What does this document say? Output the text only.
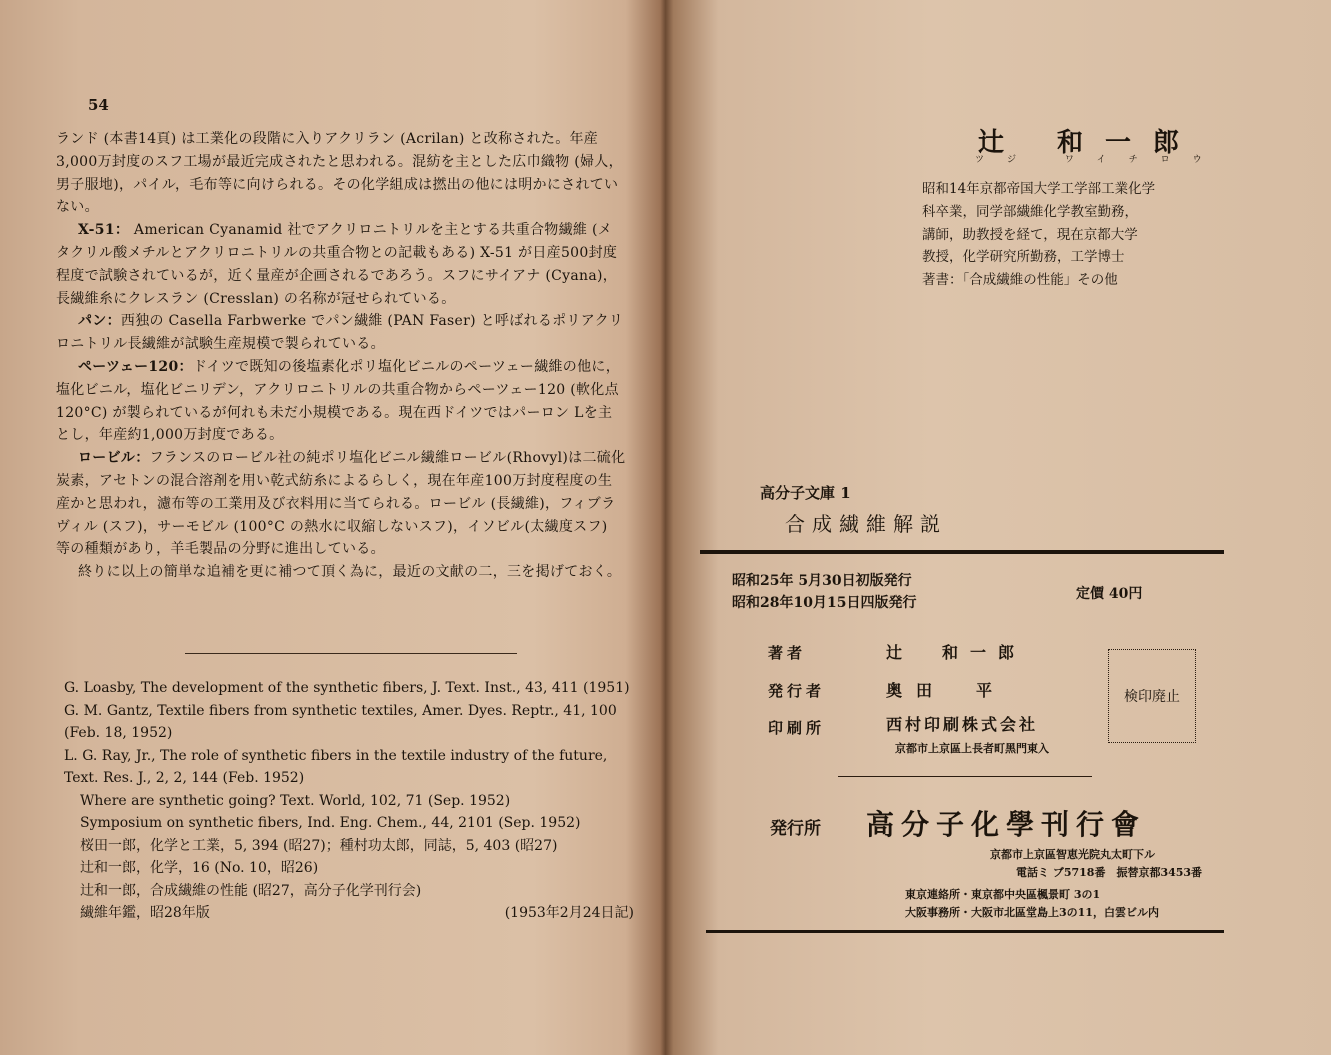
54

ランド (本書14頁) は工業化の段階に入りアクリラン (Acrilan) と改称された。年産3,000万封度のスフ工場が最近完成されたと思われる。混紡を主とした広巾織物 (婦人，男子服地)，パイル，毛布等に向けられる。その化学組成は撚出の他には明かにされていない。

X-51： American Cyanamid 社でアクリロニトリルを主とする共重合物繊維 (メタクリル酸メチルとアクリロニトリルの共重合物との記載もある) X-51 が日産500封度程度で試験されているが，近く量産が企画されるであろう。スフにサイアナ (Cyana)，長繊維糸にクレスラン (Cresslan) の名称が冠せられている。

パン：西独の Casella Farbwerke でパン繊維 (PAN Faser) と呼ばれるポリアクリロニトリル長繊維が試験生産規模で製られている。

ペーツェー120：ドイツで既知の後塩素化ポリ塩化ビニルのペーツェー繊維の他に，塩化ビニル，塩化ビニリデン，アクリロニトリルの共重合物からペーツェー120 (軟化点120°C) が製られているが何れも未だ小規模である。現在西ドイツではパーロン Lを主とし，年産約1,000万封度である。

ロービル：フランスのロービル社の純ポリ塩化ビニル繊維ロービル(Rhovyl)は二硫化炭素，アセトンの混合溶剤を用い乾式紡糸によるらしく，現在年産100万封度程度の生産かと思われ，濾布等の工業用及び衣料用に当てられる。ロービル (長繊維)，フィブラヴィル (スフ)，サーモビル (100°C の熱水に収縮しないスフ)，イソビル(太繊度スフ) 等の種類があり，羊毛製品の分野に進出している。

終りに以上の簡単な追補を更に補つて頂く為に，最近の文献の二，三を掲げておく。

G. Loasby, The development of the synthetic fibers, J. Text. Inst., 43, 411 (1951)

G. M. Gantz, Textile fibers from synthetic textiles, Amer. Dyes. Reptr., 41, 100 (Feb. 18, 1952)

L. G. Ray, Jr., The role of synthetic fibers in the textile industry of the future, Text. Res. J., 2, 2, 144 (Feb. 1952)

Where are synthetic going? Text. World, 102, 71 (Sep. 1952)

Symposium on synthetic fibers, Ind. Eng. Chem., 44, 2101 (Sep. 1952)

桜田一郎，化学と工業，5, 394 (昭27)；種村功太郎，同誌，5, 403 (昭27)

辻和一郎，化学，16 (No. 10，昭26)

辻和一郎，合成繊維の性能 (昭27，高分子化学刊行会)

繊維年鑑，昭28年版	(1953年2月24日記)

辻 和一郎
ツジ ワイチロウ

昭和14年京都帝国大学工学部工業化学

科卒業，同学部繊維化学教室勤務，

講師，助教授を経て，現在京都大学

教授，化学研究所勤務，工学博士

著書：「合成繊維の性能」その他

高分子文庫 1
合成繊維解説
昭和25年 5月30日初版発行
昭和28年10月15日四版発行
定價 40円
著者	辻　和一郎
発行者	奥田　平
印刷所	西村印刷株式会社
検印廃止
京都市上京區上長者町黑門東入
発行所 高分子化學刊行會
京都市上京區智恵光院丸太町下ル
電話ミ ブ5718番　振替京都3453番
東京連絡所・東京都中央區楓景町 3の1
大阪事務所・大阪市北區堂島上3の11，白雲ビル内
